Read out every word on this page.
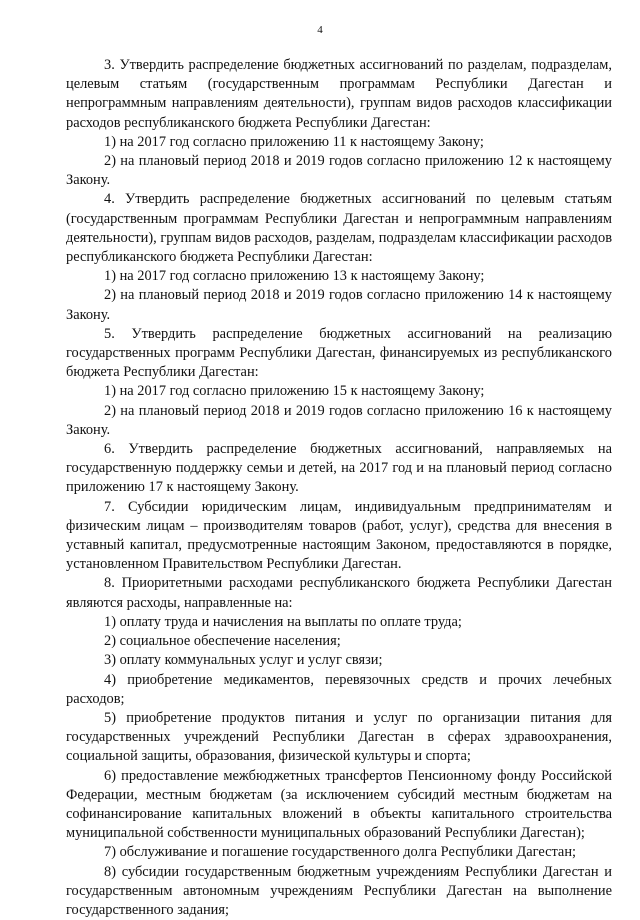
4

3. Утвердить распределение бюджетных ассигнований по разделам, подразделам, целевым статьям (государственным программам Республики Дагестан и непрограммным направлениям деятельности), группам видов расходов классификации расходов республиканского бюджета Республики Дагестан:

1) на 2017 год согласно приложению 11 к настоящему Закону;

2) на плановый период 2018 и 2019 годов согласно приложению 12 к настоящему Закону.

4. Утвердить распределение бюджетных ассигнований по целевым статьям (государственным программам Республики Дагестан и непрограммным направлениям деятельности), группам видов расходов, разделам, подразделам классификации расходов республиканского бюджета Республики Дагестан:

1) на 2017 год согласно приложению 13 к настоящему Закону;

2) на плановый период 2018 и 2019 годов согласно приложению 14 к настоящему Закону.

5. Утвердить распределение бюджетных ассигнований на реализацию государственных программ Республики Дагестан, финансируемых из республиканского бюджета Республики Дагестан:

1) на 2017 год согласно приложению 15 к настоящему Закону;

2) на плановый период 2018 и 2019 годов согласно приложению 16 к настоящему Закону.

6. Утвердить распределение бюджетных ассигнований, направляемых на государственную поддержку семьи и детей, на 2017 год и на плановый период согласно приложению 17 к настоящему Закону.

7. Субсидии юридическим лицам, индивидуальным предпринимателям и физическим лицам – производителям товаров (работ, услуг), средства для внесения в уставный капитал, предусмотренные настоящим Законом, предоставляются в порядке, установленном Правительством Республики Дагестан.

8. Приоритетными расходами республиканского бюджета Республики Дагестан являются расходы, направленные на:

1) оплату труда и начисления на выплаты по оплате труда;

2) социальное обеспечение населения;

3) оплату коммунальных услуг и услуг связи;

4) приобретение медикаментов, перевязочных средств и прочих лечебных расходов;

5) приобретение продуктов питания и услуг по организации питания для государственных учреждений Республики Дагестан в сферах здравоохранения, социальной защиты, образования, физической культуры и спорта;

6) предоставление межбюджетных трансфертов Пенсионному фонду Российской Федерации, местным бюджетам (за исключением субсидий местным бюджетам на софинансирование капитальных вложений в объекты капитального строительства муниципальной собственности муниципальных образований Республики Дагестан);

7) обслуживание и погашение государственного долга Республики Дагестан;

8) субсидии государственным бюджетным учреждениям Республики Дагестан и государственным автономным учреждениям Республики Дагестан на выполнение государственного задания;
